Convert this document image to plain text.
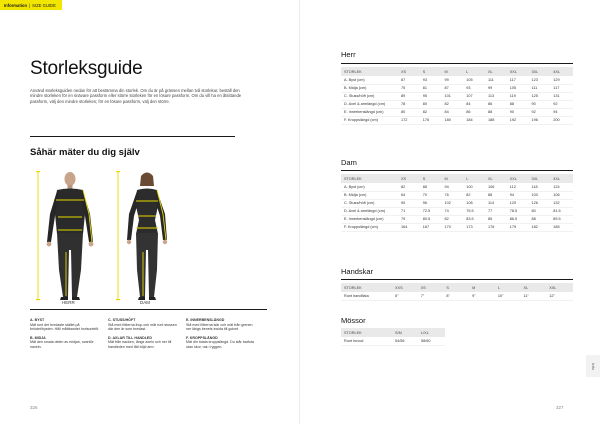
Information | SIZE GUIDE
Storleksguide

Använd storleksguiden nedan för att bestämma din storlek. Om du är på gränsen mellan två storlekar, beställ den mindre storleken för en snävare passform eller större storleken för en lösare passform. Om du vill ha en åtsittande passform, välj den mindre storleken; för en lösare passform, välj den större.

Såhär mäter du dig själv
HERR	DAM
A. BYST
Mät runt det bredaste stället på bröstet/bysten. Håll måttbandet horisontellt.
B. MIDJA
Mät den smala delen av midjan, ovanför naveln.
C. STUSS/HÖFT
Stå med fötterna ihop och mät runt stussen där den är som bredast.
D. AXLAR TILL HANDLED
Mät från nacken, längs axeln och ner till handleden med lätt böjd arm.
E. INNERBENSLÄNGD
Stå med fötterna isär och mät från grenen ner längs benets insida till golvet.
F. KROPPSLÄNGD
Mät din totala kroppslängd. Du står barfota utan skor, rak i ryggen.
326
Herr
STORLEK	XS	S	M	L	XL	XXL	3XL	4XL
A. Byst (cm)	87	93	99	105	111	117	123	129
B. Midja (cm)	75	81	87	93	99	105	111	117
C. Stuss/höft (cm)	89	95	101	107	113	119	125	131
D. Axel & armlängd (cm)	78	80	82	84	86	88	90	92
E. Innerbenslängd (cm)	80	82	84	86	88	90	92	94
F. Kroppslängd (cm)	172	176	180	184	188	192	196	200
Dam
STORLEK	XS	S	M	L	XL	XXL	3XL	4XL
A. Byst (cm)	82	88	94	100	106	112	118	124
B. Midja (cm)	64	70	76	82	88	94	100	106
C. Stuss/höft (cm)	90	96	102	108	114	120	126	132
D. Axel & armlängd (cm)	71	72.5	74	75.5	77	78.5	80	81.5
E. Innerbenslängd (cm)	79	80.5	82	83.5	85	86.5	88	89.5
F. Kroppslängd (cm)	164	167	170	173	176	179	182	185
Handskar
STORLEK	XXS	XS	S	M	L	XL	XXL
Runt handflata	5"	7"	8"	9"	10"	11"	12"
Mössor
STORLEK	S/M	L/XL
Runt huvud	54/56	58/60
Info
327
